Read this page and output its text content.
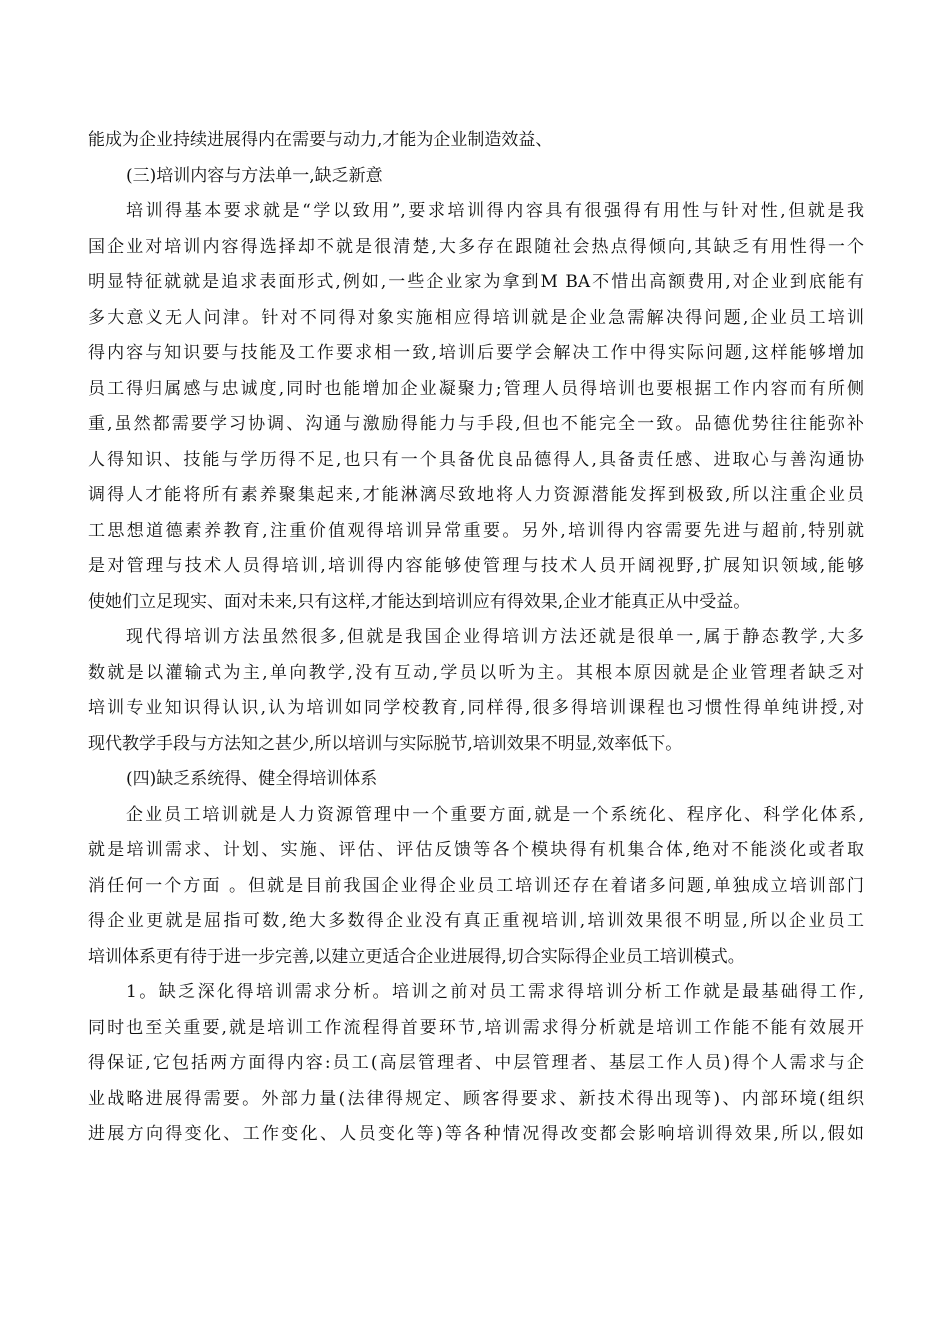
能成为企业持续进展得内在需要与动力,才能为企业制造效益、
(三)培训内容与方法单一,缺乏新意
培训得基本要求就是“学以致用”,要求培训得内容具有很强得有用性与针对性,但就是我
国企业对培训内容得选择却不就是很清楚,大多存在跟随社会热点得倾向,其缺乏有用性得一个
明显特征就就是追求表面形式,例如,一些企业家为拿到M BA不惜出高额费用,对企业到底能有
多大意义无人问津。针对不同得对象实施相应得培训就是企业急需解决得问题,企业员工培训
得内容与知识要与技能及工作要求相一致,培训后要学会解决工作中得实际问题,这样能够增加
员工得归属感与忠诚度,同时也能增加企业凝聚力;管理人员得培训也要根据工作内容而有所侧
重,虽然都需要学习协调、沟通与激励得能力与手段,但也不能完全一致。品德优势往往能弥补
人得知识、技能与学历得不足,也只有一个具备优良品德得人,具备责任感、进取心与善沟通协
调得人才能将所有素养聚集起来,才能淋漓尽致地将人力资源潜能发挥到极致,所以注重企业员
工思想道德素养教育,注重价值观得培训异常重要。另外,培训得内容需要先进与超前,特别就
是对管理与技术人员得培训,培训得内容能够使管理与技术人员开阔视野,扩展知识领域,能够
使她们立足现实、面对未来,只有这样,才能达到培训应有得效果,企业才能真正从中受益。
现代得培训方法虽然很多,但就是我国企业得培训方法还就是很单一,属于静态教学,大多
数就是以灌输式为主,单向教学,没有互动,学员以听为主。其根本原因就是企业管理者缺乏对
培训专业知识得认识,认为培训如同学校教育,同样得,很多得培训课程也习惯性得单纯讲授,对
现代教学手段与方法知之甚少,所以培训与实际脱节,培训效果不明显,效率低下。
(四)缺乏系统得、健全得培训体系
企业员工培训就是人力资源管理中一个重要方面,就是一个系统化、程序化、科学化体系,
就是培训需求、计划、实施、评估、评估反馈等各个模块得有机集合体,绝对不能淡化或者取
消任何一个方面 。但就是目前我国企业得企业员工培训还存在着诸多问题,单独成立培训部门
得企业更就是屈指可数,绝大多数得企业没有真正重视培训,培训效果很不明显,所以企业员工
培训体系更有待于进一步完善,以建立更适合企业进展得,切合实际得企业员工培训模式。
1。缺乏深化得培训需求分析。培训之前对员工需求得培训分析工作就是最基础得工作,
同时也至关重要,就是培训工作流程得首要环节,培训需求得分析就是培训工作能不能有效展开
得保证,它包括两方面得内容:员工(高层管理者、中层管理者、基层工作人员)得个人需求与企
业战略进展得需要。外部力量(法律得规定、顾客得要求、新技术得出现等)、内部环境(组织
进展方向得变化、工作变化、人员变化等)等各种情况得改变都会影响培训得效果,所以,假如
